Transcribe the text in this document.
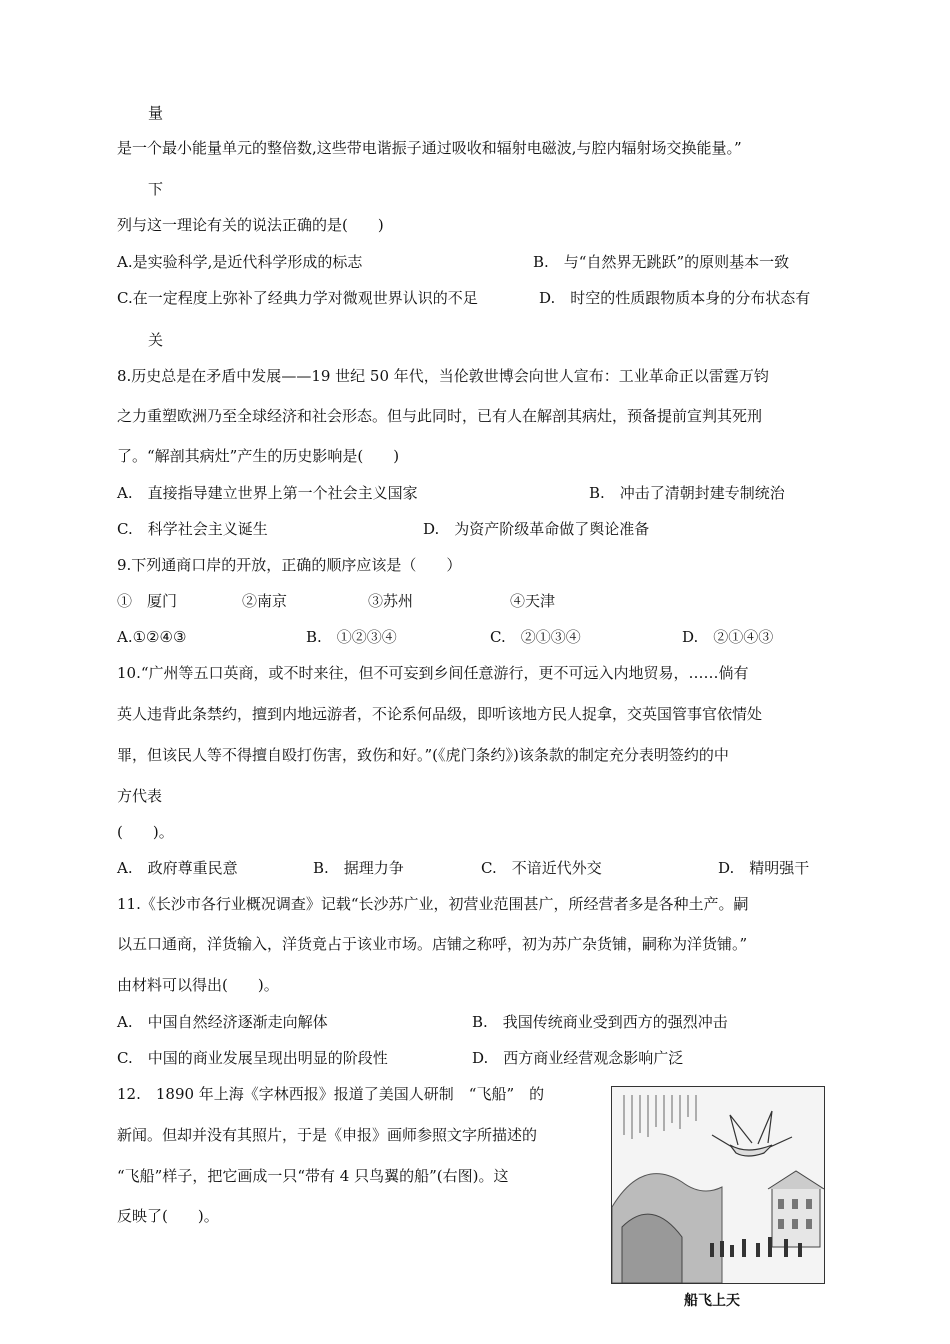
量
是一个最小能量单元的整倍数,这些带电谐振子通过吸收和辐射电磁波,与腔内辐射场交换能量。”
下
列与这一理论有关的说法正确的是(　　)
A.是实验科学,是近代科学形成的标志	B.　与“自然界无跳跃”的原则基本一致
C.在一定程度上弥补了经典力学对微观世界认识的不足	D.　时空的性质跟物质本身的分布状态有
关
8.历史总是在矛盾中发展——19 世纪 50 年代，当伦敦世博会向世人宣布：工业革命正以雷霆万钧
之力重塑欧洲乃至全球经济和社会形态。但与此同时，已有人在解剖其病灶，预备提前宣判其死刑
了。“解剖其病灶”产生的历史影响是(　　)
A.　直接指导建立世界上第一个社会主义国家	B.　冲击了清朝封建专制统治
C.　科学社会主义诞生	D.　为资产阶级革命做了舆论准备
9.下列通商口岸的开放，正确的顺序应该是（　　）
①　厦门	②南京	③苏州	④天津
A.①②④③	B.　①②③④	C.　②①③④	D.　②①④③
10.“广州等五口英商，或不时来往，但不可妄到乡间任意游行，更不可远入内地贸易，……倘有
英人违背此条禁约，擅到内地远游者，不论系何品级，即听该地方民人捉拿，交英国管事官依情处
罪，但该民人等不得擅自殴打伤害，致伤和好。”(《虎门条约》)该条款的制定充分表明签约的中
方代表
(　　)。
A.　政府尊重民意	B.　据理力争	C.　不谙近代外交	D.　精明强干
11.《长沙市各行业概况调查》记载“长沙苏广业，初营业范围甚广，所经营者多是各种土产。嗣
以五口通商，洋货输入，洋货竟占于该业市场。店铺之称呼，初为苏广杂货铺，嗣称为洋货铺。”
由材料可以得出(　　)。
A.　中国自然经济逐渐走向解体	B.　我国传统商业受到西方的强烈冲击
C.　中国的商业发展呈现出明显的阶段性	D.　西方商业经营观念影响广泛
12.　1890 年上海《字林西报》报道了美国人研制　“飞船”　的
新闻。但却并没有其照片，于是《申报》画师参照文字所描述的
“飞船”样子，把它画成一只“带有 4 只鸟翼的船”(右图)。这
反映了(　　)。
船飞上天
